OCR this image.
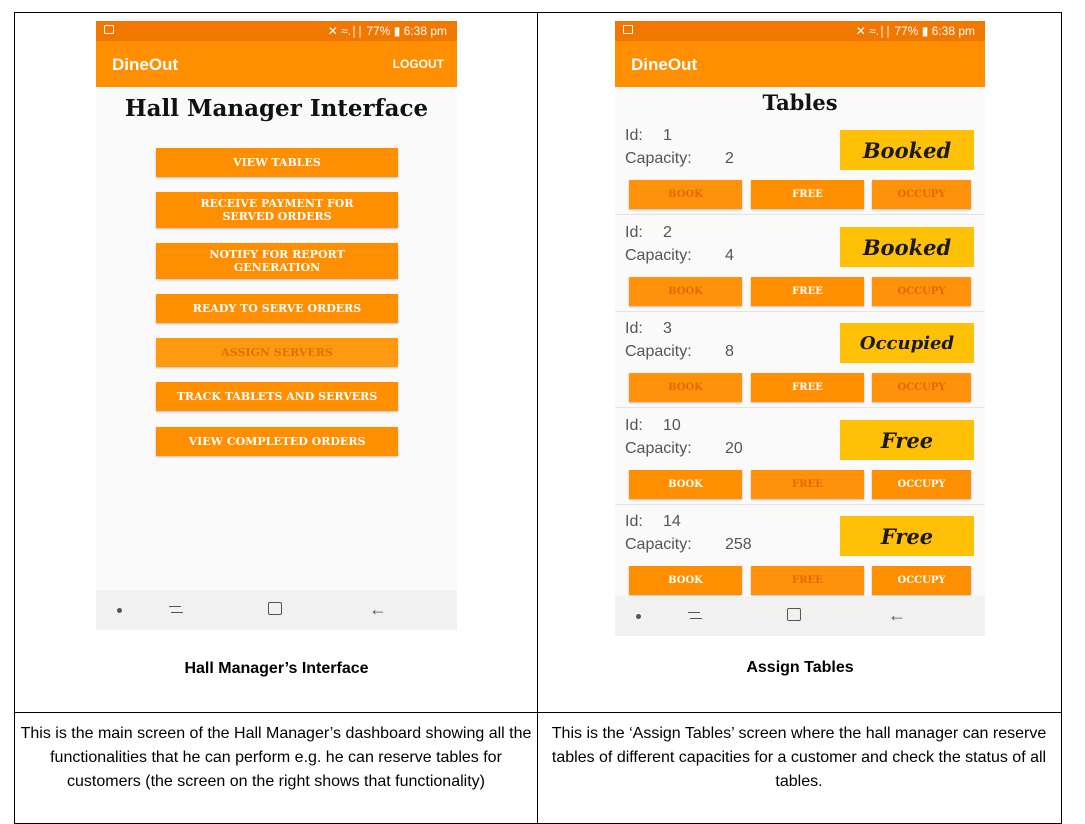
✕ ≈.∣∣ 77% ▮ 6:38 pm
DineOut	LOGOUT
Hall Manager Interface
VIEW TABLES
RECEIVE PAYMENT FOR SERVED ORDERS
NOTIFY FOR REPORT GENERATION
READY TO SERVE ORDERS
ASSIGN SERVERS
TRACK TABLETS AND SERVERS
VIEW COMPLETED ORDERS
←
✕ ≈.∣∣ 77% ▮ 6:38 pm
DineOut
Tables
Id: 1
Capacity: 2	Booked
BOOK	FREE	OCCUPY
Id: 2
Capacity: 4	Booked
BOOK	FREE	OCCUPY
Id: 3
Capacity: 8	Occupied
BOOK	FREE	OCCUPY
Id: 10
Capacity: 20	Free
BOOK	FREE	OCCUPY
Id: 14
Capacity: 258	Free
BOOK	FREE	OCCUPY
←
Hall Manager’s Interface	Assign Tables
This is the main screen of the Hall Manager’s dashboard showing all the functionalities that he can perform e.g. he can reserve tables for customers (the screen on the right shows that functionality)
This is the ‘Assign Tables’ screen where the hall manager can reserve tables of different capacities for a customer and check the status of all tables.
